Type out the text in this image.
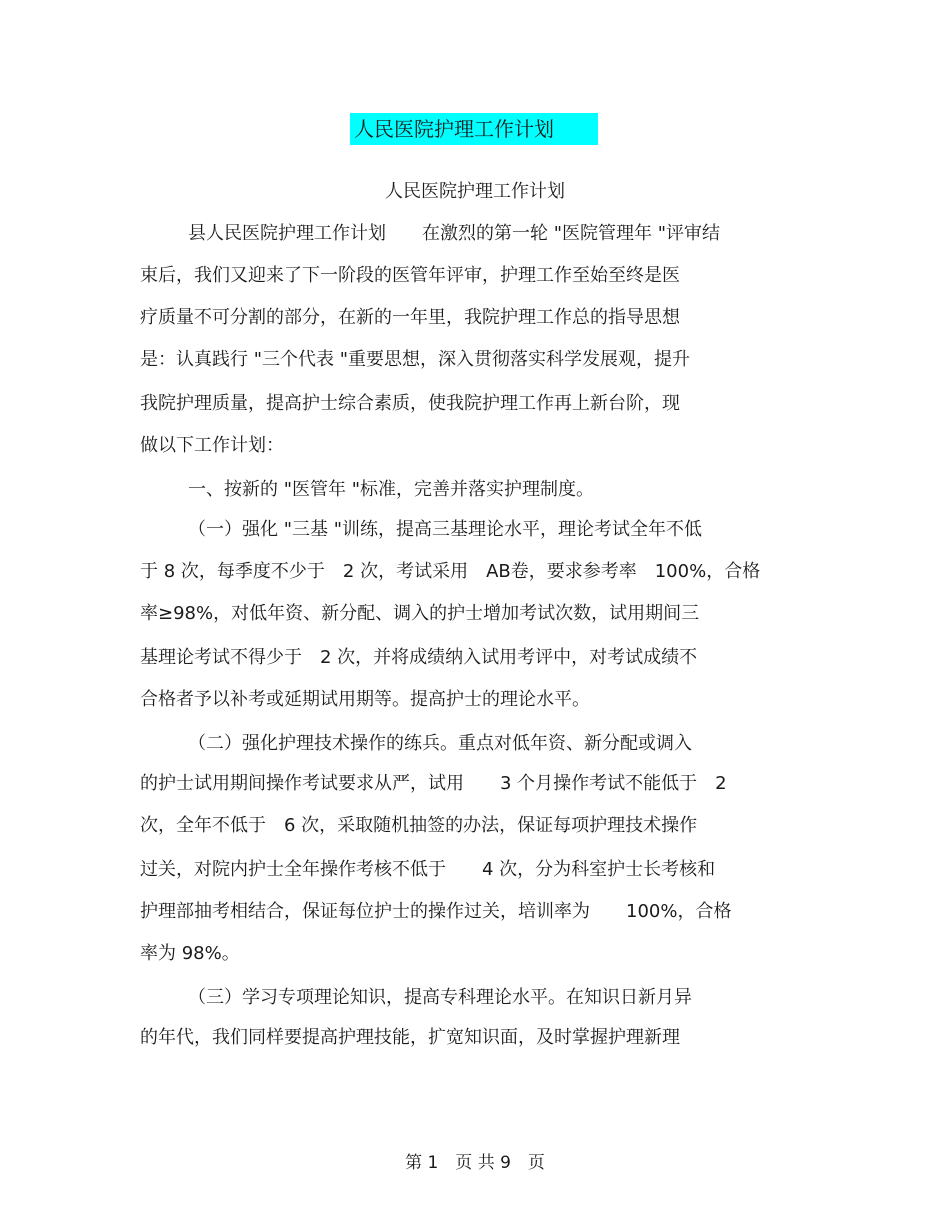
人民医院护理工作计划
人民医院护理工作计划
县人民医院护理工作计划　　在激烈的第一轮 "医院管理年 "评审结
束后，我们又迎来了下一阶段的医管年评审，护理工作至始至终是医
疗质量不可分割的部分，在新的一年里，我院护理工作总的指导思想
是：认真践行 "三个代表 "重要思想，深入贯彻落实科学发展观，提升
我院护理质量，提高护士综合素质，使我院护理工作再上新台阶，现
做以下工作计划：
一、按新的 "医管年 "标准，完善并落实护理制度。
（一）强化 "三基 "训练，提高三基理论水平，理论考试全年不低
于 8 次，每季度不少于　2 次，考试采用　AB卷，要求参考率　100%，合格
率≥98%，对低年资、新分配、调入的护士增加考试次数，试用期间三
基理论考试不得少于　2 次，并将成绩纳入试用考评中，对考试成绩不
合格者予以补考或延期试用期等。提高护士的理论水平。
（二）强化护理技术操作的练兵。重点对低年资、新分配或调入
的护士试用期间操作考试要求从严，试用　　3 个月操作考试不能低于　2
次，全年不低于　6 次，采取随机抽签的办法，保证每项护理技术操作
过关，对院内护士全年操作考核不低于　　4 次，分为科室护士长考核和
护理部抽考相结合，保证每位护士的操作过关，培训率为　　100%，合格
率为 98%。
（三）学习专项理论知识，提高专科理论水平。在知识日新月异
的年代，我们同样要提高护理技能，扩宽知识面，及时掌握护理新理
第 1　页 共 9　页
